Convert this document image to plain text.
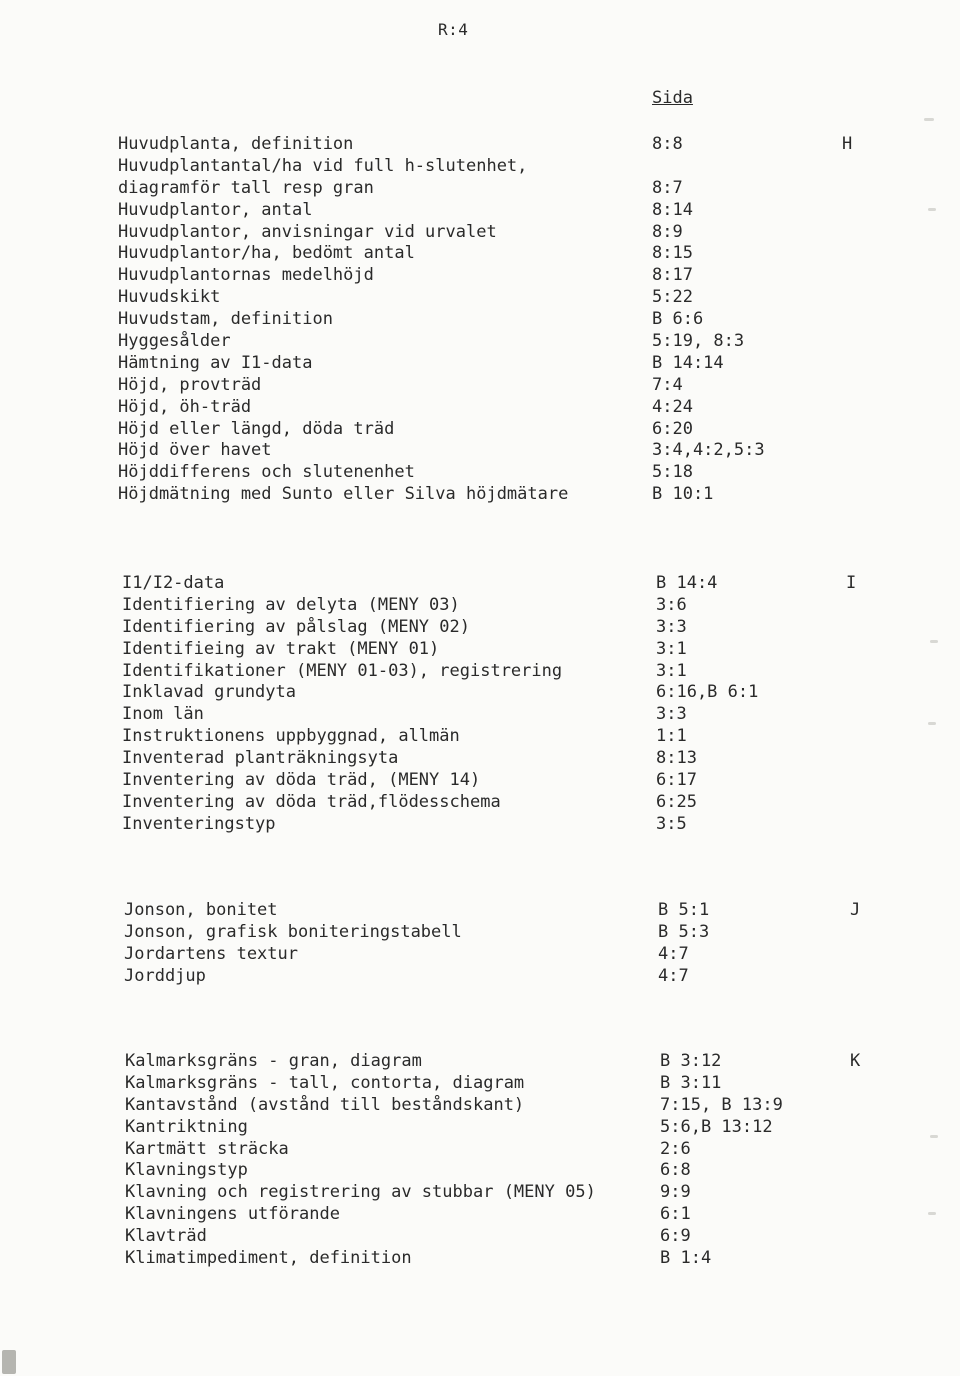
R:4
Sida
H
Huvudplanta, definition	8:8
Huvudplantantal/ha vid full h-slutenhet,
diagramför tall resp gran	8:7
Huvudplantor, antal	8:14
Huvudplantor, anvisningar vid urvalet	8:9
Huvudplantor/ha, bedömt antal	8:15
Huvudplantornas medelhöjd	8:17
Huvudskikt	5:22
Huvudstam, definition	B 6:6
Hyggesålder	5:19, 8:3
Hämtning av I1-data	B 14:14
Höjd, provträd	7:4
Höjd, öh-träd	4:24
Höjd eller längd, döda träd	6:20
Höjd över havet	3:4,4:2,5:3
Höjddifferens och slutenenhet	5:18
Höjdmätning med Sunto eller Silva höjdmätare	B 10:1
I
I1/I2-data	B 14:4
Identifiering av delyta (MENY 03)	3:6
Identifiering av pålslag (MENY 02)	3:3
Identifieing av trakt (MENY 01)	3:1
Identifikationer (MENY 01-03), registrering	3:1
Inklavad grundyta	6:16,B 6:1
Inom län	3:3
Instruktionens uppbyggnad, allmän	1:1
Inventerad planträkningsyta	8:13
Inventering av döda träd, (MENY 14)	6:17
Inventering av döda träd,flödesschema	6:25
Inventeringstyp	3:5
J
Jonson, bonitet	B 5:1
Jonson, grafisk boniteringstabell	B 5:3
Jordartens textur	4:7
Jorddjup	4:7
K
Kalmarksgräns - gran, diagram	B 3:12
Kalmarksgräns - tall, contorta, diagram	B 3:11
Kantavstånd (avstånd till beståndskant)	7:15, B 13:9
Kantriktning	5:6,B 13:12
Kartmätt sträcka	2:6
Klavningstyp	6:8
Klavning och registrering av stubbar (MENY 05)	9:9
Klavningens utförande	6:1
Klavträd	6:9
Klimatimpediment, definition	B 1:4
